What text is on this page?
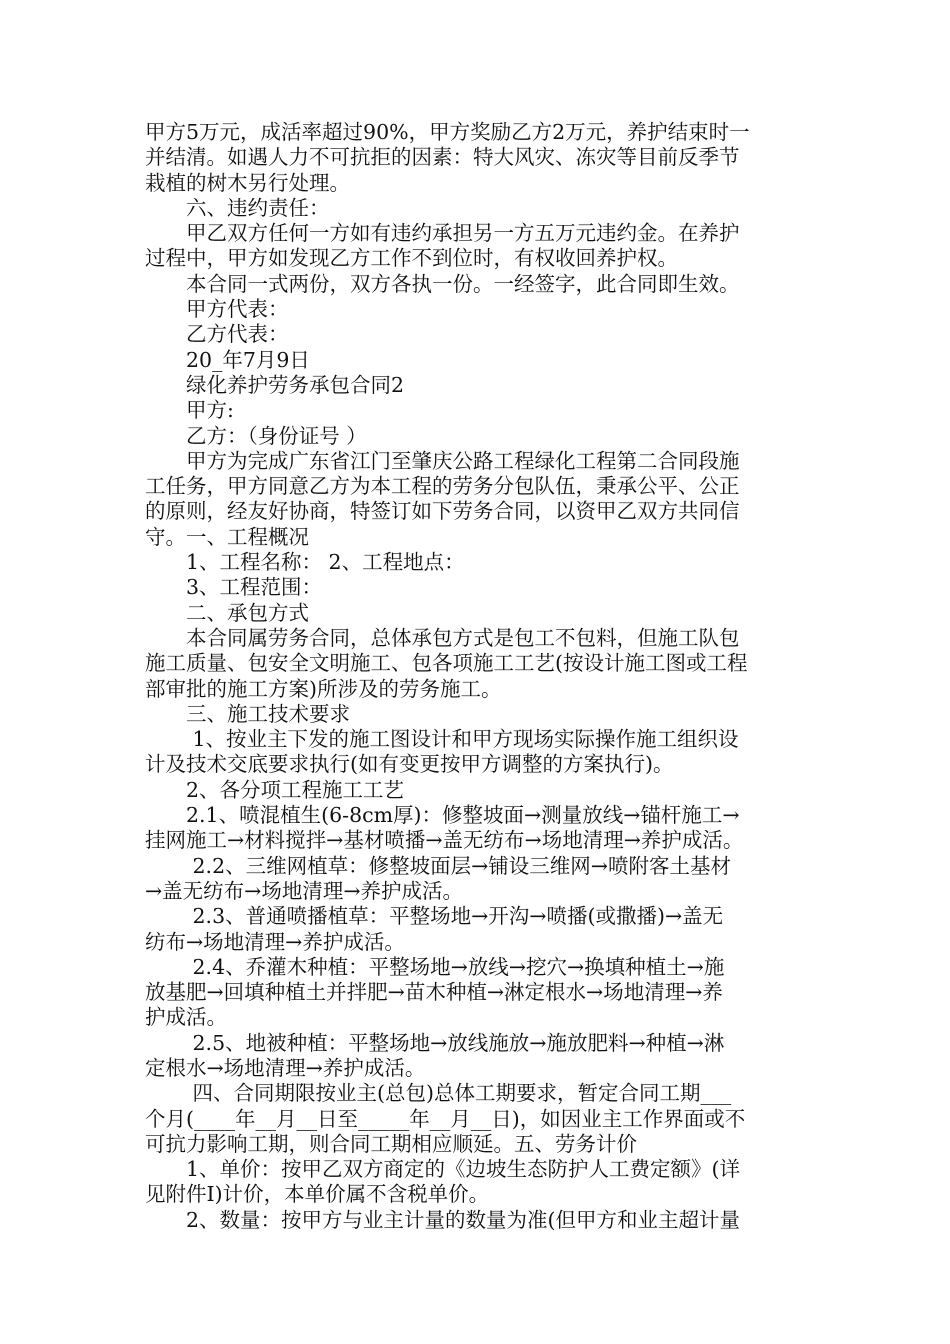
甲方5万元，成活率超过90%，甲方奖励乙方2万元，养护结束时一
并结清。如遇人力不可抗拒的因素：特大风灾、冻灾等目前反季节
栽植的树木另行处理。
　　六、违约责任：
　　甲乙双方任何一方如有违约承担另一方五万元违约金。在养护
过程中，甲方如发现乙方工作不到位时，有权收回养护权。
　　本合同一式两份，双方各执一份。一经签字，此合同即生效。
　　甲方代表：
　　乙方代表：
　　20_年7月9日
　　绿化养护劳务承包合同2
　　甲方:
　　乙方：（身份证号 ）
　　甲方为完成广东省江门至肇庆公路工程绿化工程第二合同段施
工任务，甲方同意乙方为本工程的劳务分包队伍，秉承公平、公正
的原则，经友好协商，特签订如下劳务合同，以资甲乙双方共同信
守。一、工程概况
　　1、工程名称： 2、工程地点：
　　3、工程范围：
　　二、承包方式
　　本合同属劳务合同，总体承包方式是包工不包料，但施工队包
施工质量、包安全文明施工、包各项施工工艺(按设计施工图或工程
部审批的施工方案)所涉及的劳务施工。
　　三、施工技术要求
　　 1、按业主下发的施工图设计和甲方现场实际操作施工组织设
计及技术交底要求执行(如有变更按甲方调整的方案执行)。
　　2、各分项工程施工工艺
　　2.1、喷混植生(6-8cm厚)：修整坡面→测量放线→锚杆施工→
挂网施工→材料搅拌→基材喷播→盖无纺布→场地清理→养护成活。
　　 2.2、三维网植草：修整坡面层→铺设三维网→喷附客土基材
→盖无纺布→场地清理→养护成活。
　　 2.3、普通喷播植草：平整场地→开沟→喷播(或撒播)→盖无
纺布→场地清理→养护成活。
　　 2.4、乔灌木种植：平整场地→放线→挖穴→换填种植土→施
放基肥→回填种植土并拌肥→苗木种植→淋定根水→场地清理→养
护成活。
　　 2.5、地被种植：平整场地→放线施放→施放肥料→种植→淋
定根水→场地清理→养护成活。
　　 四、合同期限按业主(总包)总体工期要求，暂定合同工期___
个月(____年__月__日至_____年__月__日)，如因业主工作界面或不
可抗力影响工期，则合同工期相应顺延。五、劳务计价
　　1、单价：按甲乙双方商定的《边坡生态防护人工费定额》(详
见附件Ⅰ)计价，本单价属不含税单价。
　　2、数量：按甲方与业主计量的数量为准(但甲方和业主超计量
